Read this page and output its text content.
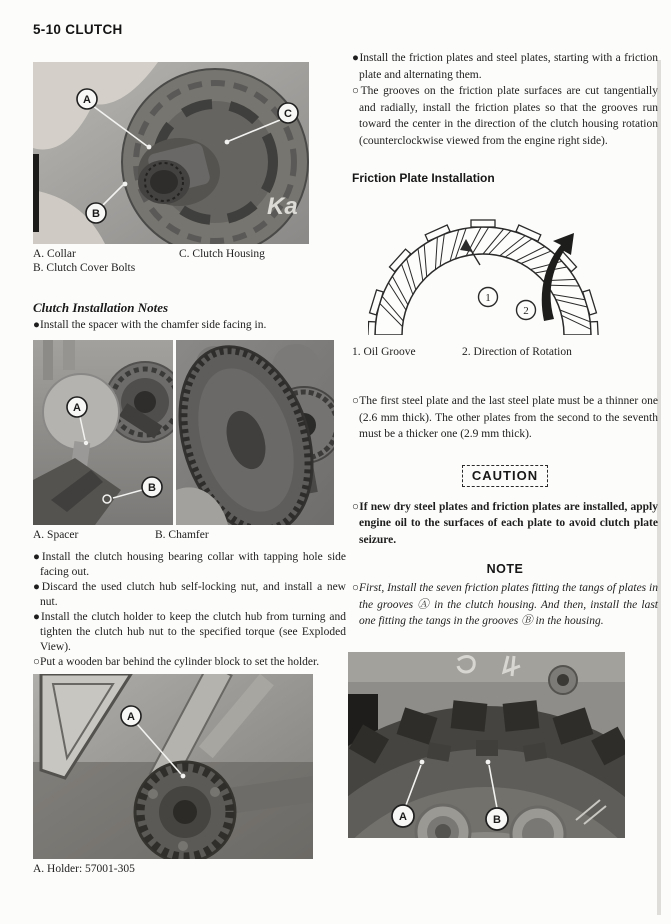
5-10 CLUTCH
Ka
A
B
C
A. Collar
B. Clutch Cover Bolts
C. Clutch Housing
Clutch Installation Notes

●Install the spacer with the chamfer side facing in.

A
B
A. Spacer	B. Chamfer

●Install the clutch housing bearing collar with tapping hole side facing out.

●Discard the used clutch hub self-locking nut, and install a new nut.

●Install the clutch holder to keep the clutch hub from turning and tighten the clutch hub nut to the specified torque (see Exploded View).

○Put a wooden bar behind the cylinder block to set the holder.

A
A. Holder: 57001-305

●Install the friction plates and steel plates, starting with a friction plate and alternating them.

○The grooves on the friction plate surfaces are cut tangentially and radially, install the friction plates so that the grooves run toward the center in the direction of the clutch housing rotation (counterclockwise viewed from the engine right side).

Friction Plate Installation
1
2
1. Oil Groove	2. Direction of Rotation

○The first steel plate and the last steel plate must be a thinner one (2.6 mm thick). The other plates from the second to the seventh must be a thicker one (2.9 mm thick).

CAUTION

○If new dry steel plates and friction plates are installed, apply engine oil to the surfaces of each plate to avoid clutch plate seizure.

NOTE

○First, Install the seven friction plates fitting the tangs of plates in the grooves Ⓐ in the clutch housing. And then, install the last one fitting the tangs in the grooves Ⓑ in the housing.

A	B
